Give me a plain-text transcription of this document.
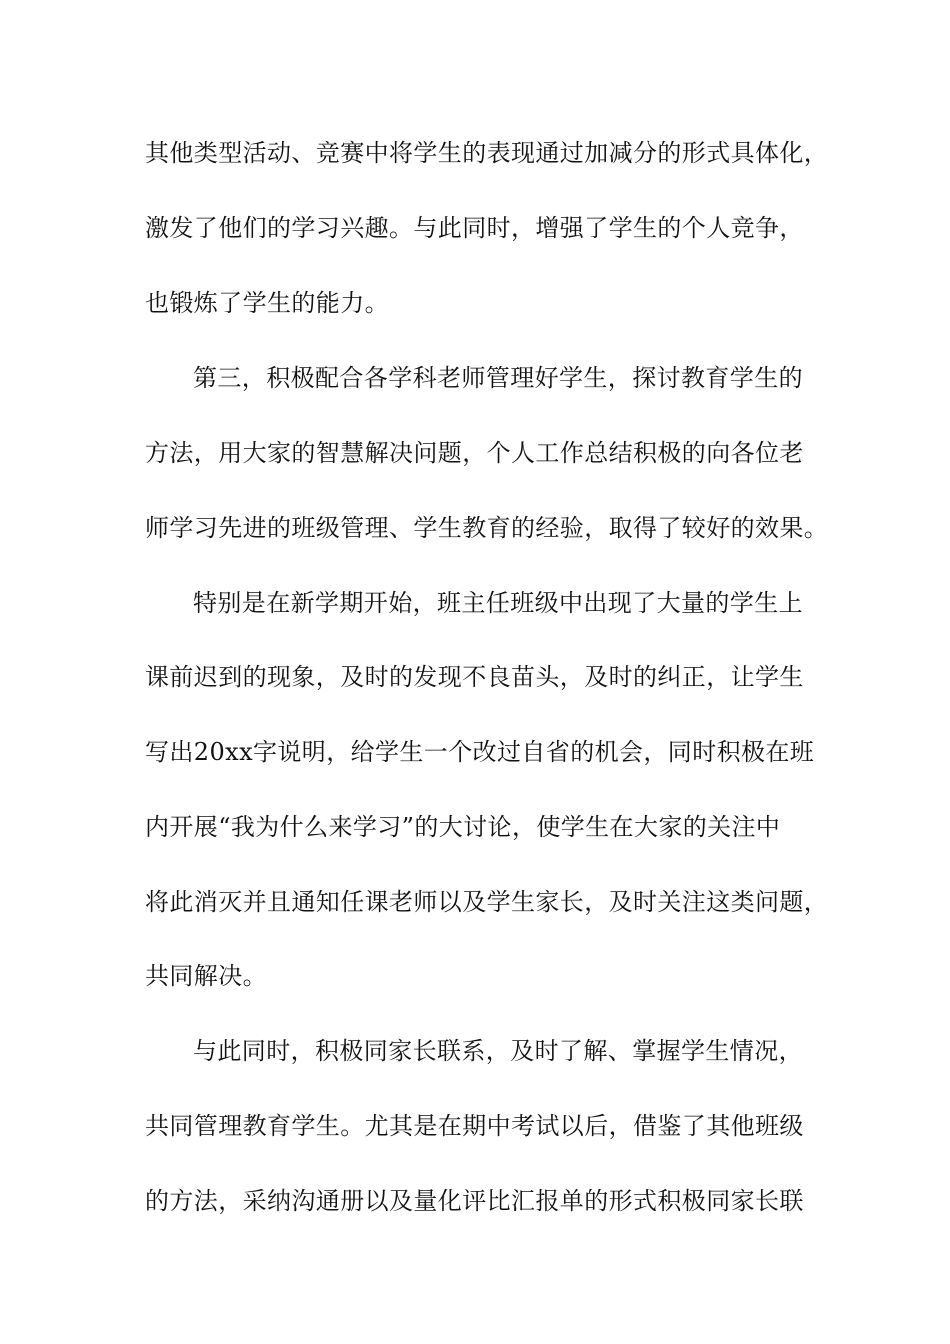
其他类型活动、竞赛中将学生的表现通过加减分的形式具体化，
激发了他们的学习兴趣。与此同时，增强了学生的个人竞争，
也锻炼了学生的能力。
第三，积极配合各学科老师管理好学生，探讨教育学生的
方法，用大家的智慧解决问题，个人工作总结积极的向各位老
师学习先进的班级管理、学生教育的经验，取得了较好的效果。
特别是在新学期开始，班主任班级中出现了大量的学生上
课前迟到的现象，及时的发现不良苗头，及时的纠正，让学生
写出20xx字说明，给学生一个改过自省的机会，同时积极在班
内开展“我为什么来学习”的大讨论，使学生在大家的关注中
将此消灭并且通知任课老师以及学生家长，及时关注这类问题，
共同解决。
与此同时，积极同家长联系，及时了解、掌握学生情况，
共同管理教育学生。尤其是在期中考试以后，借鉴了其他班级
的方法，采纳沟通册以及量化评比汇报单的形式积极同家长联
